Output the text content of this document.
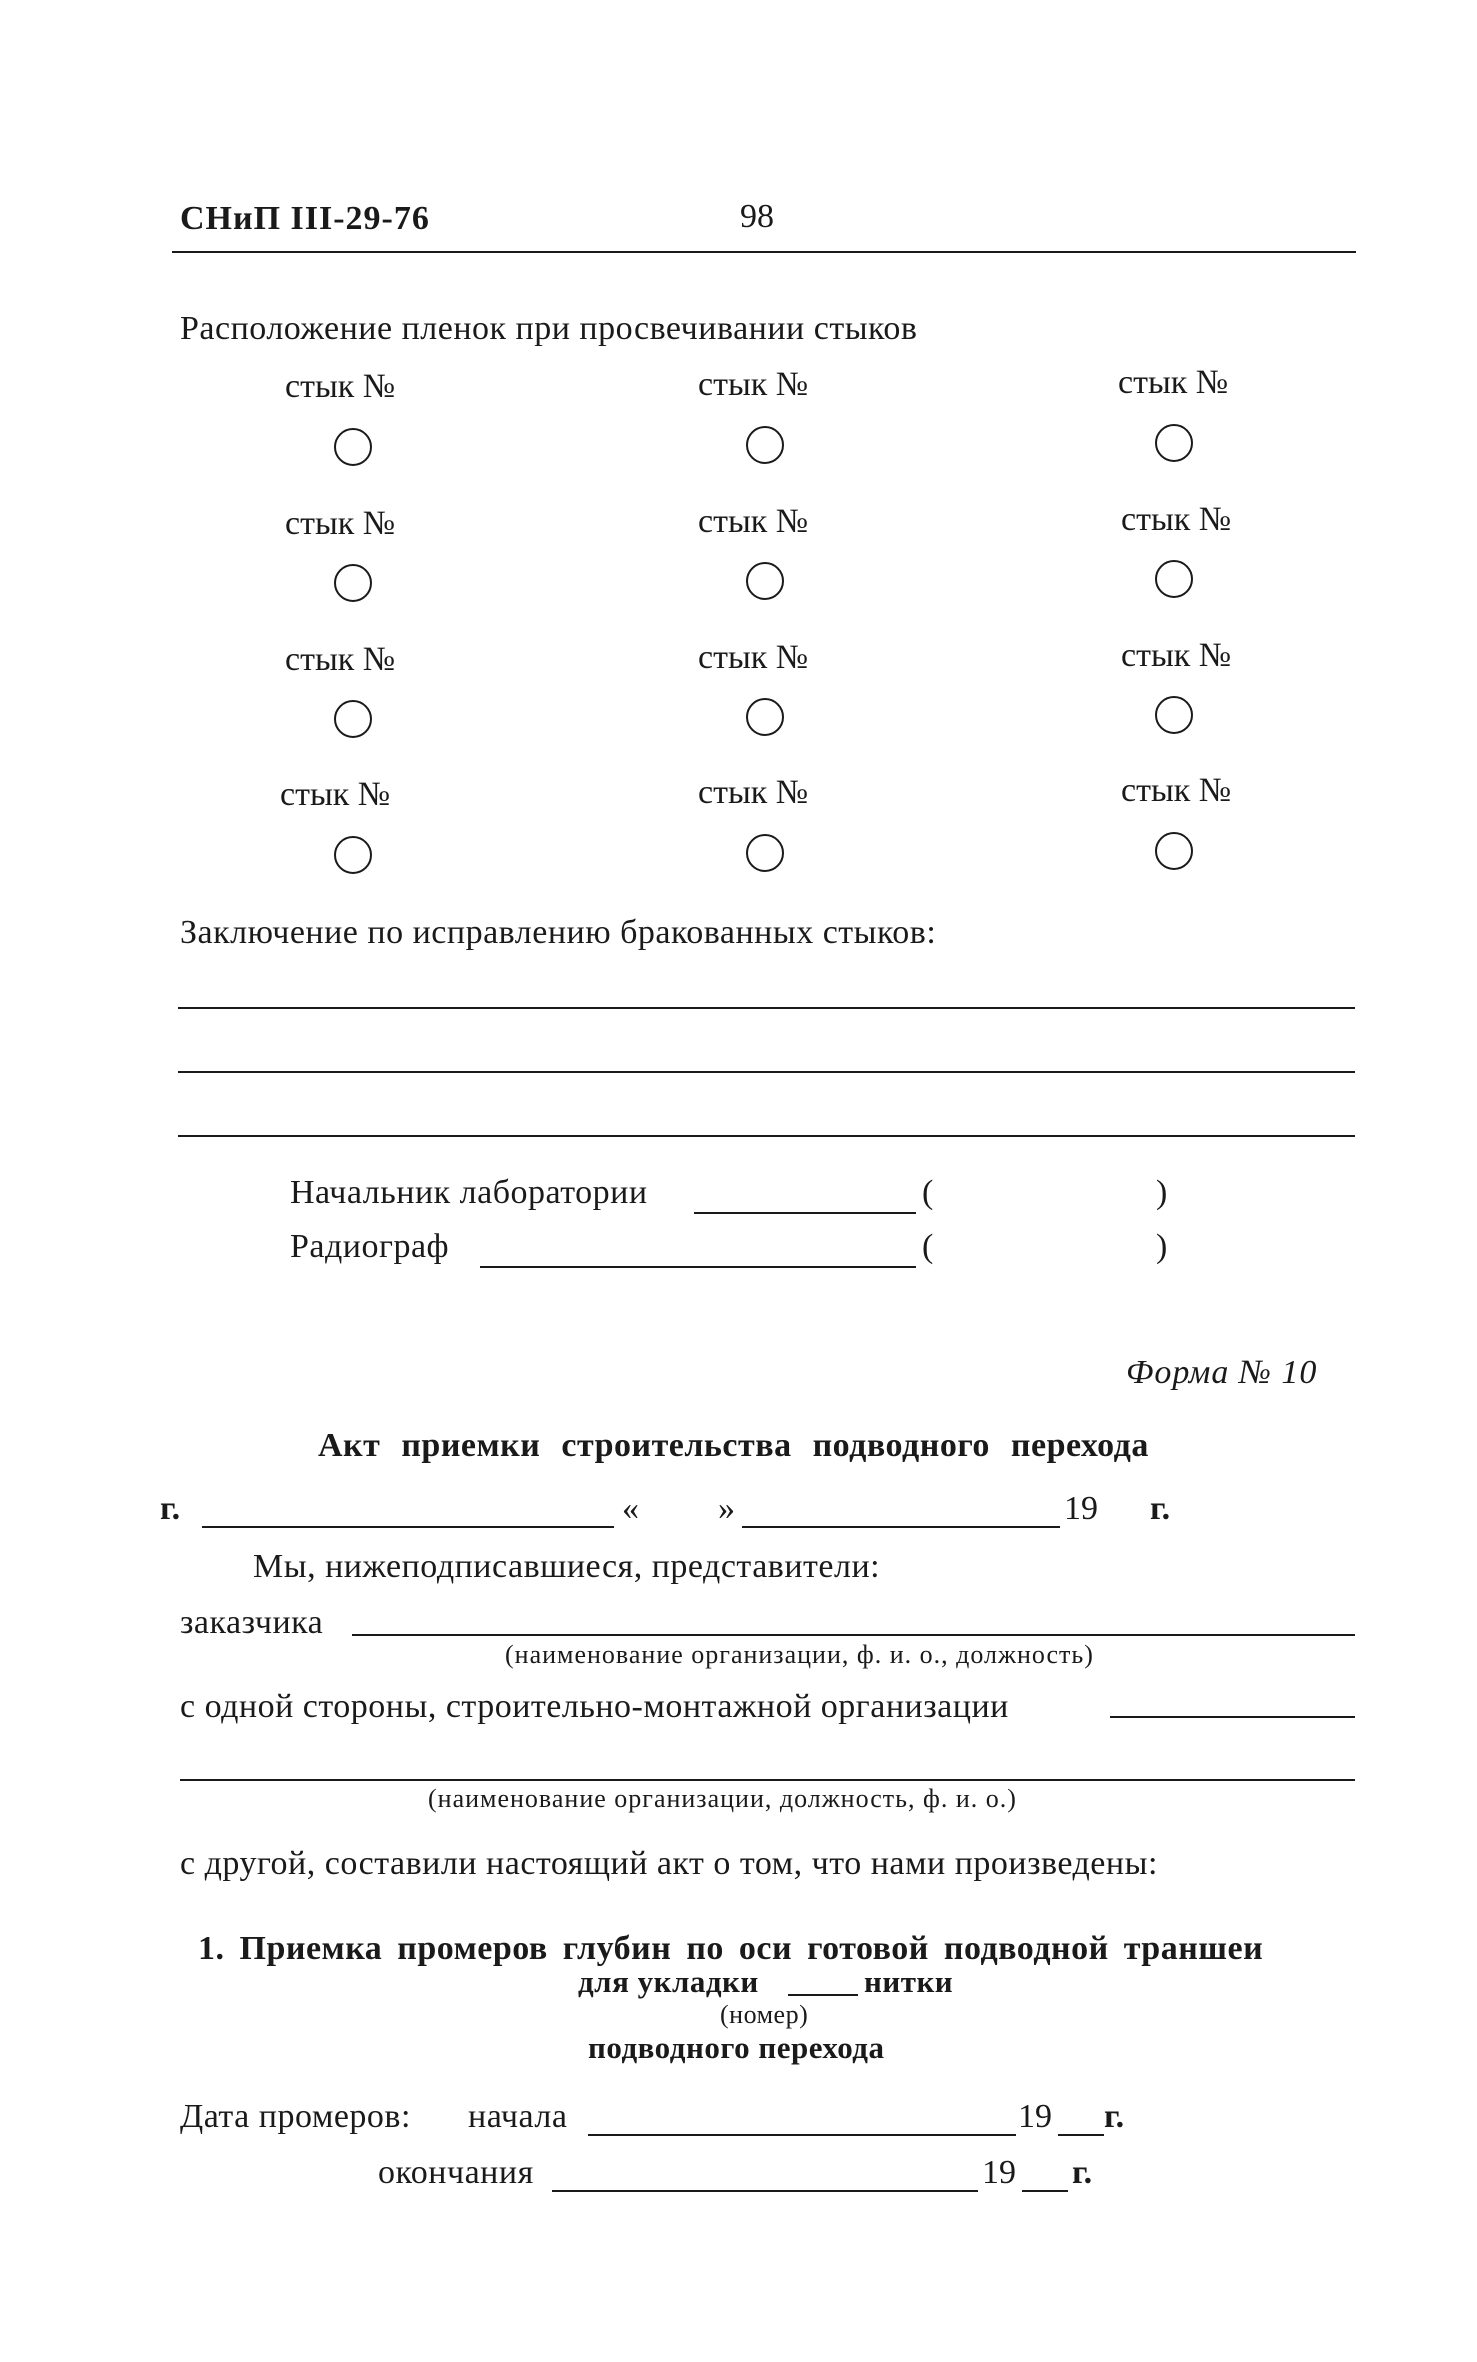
СНиП III-29-76	98
Расположение пленок при просвечивании стыков
стык №	стык №	стык №
стык №	стык №	стык №
стык №	стык №	стык №
стык №	стык №	стык №
Заключение по исправлению бракованных стыков:
Начальник лаборатории	(	)
Радиограф	(	)
Форма № 10
Акт приемки строительства подводного перехода
г.	« »	19 г.
Мы, нижеподписавшиеся, представители:
заказчика
(наименование организации, ф. и. о., должность)
с одной стороны, строительно-монтажной организации
(наименование организации, должность, ф. и. о.)
с другой, составили настоящий акт о том, что нами произведены:
1. Приемка промеров глубин по оси готовой подводной траншеи
для укладки	нитки
(номер)
подводного перехода
Дата промеров: начала	19 г.
окончания	19 г.
